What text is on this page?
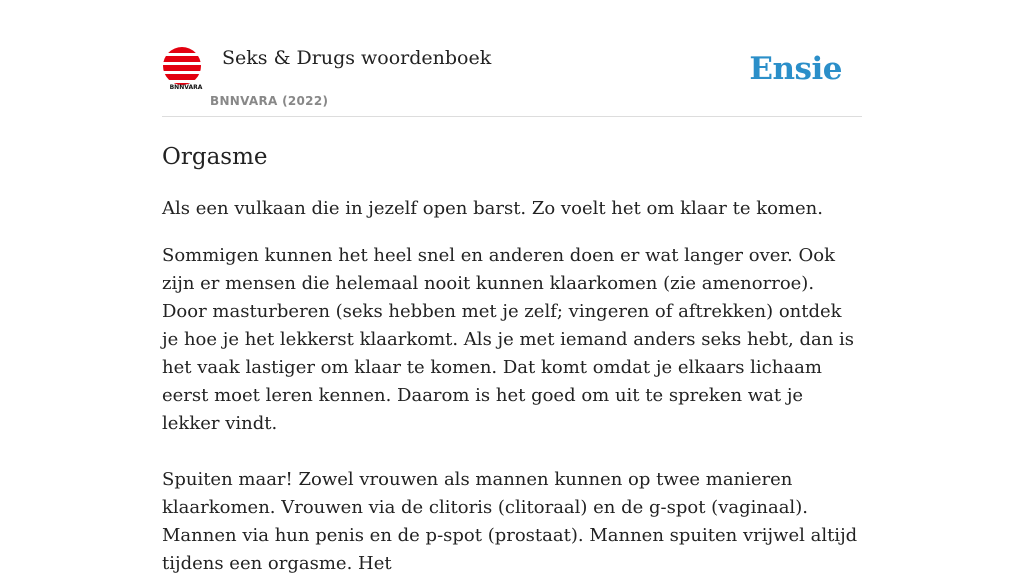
BNNVARA
Seks & Drugs woordenboek
BNNVARA (2022)
Ensie
Orgasme

Als een vulkaan die in jezelf open barst. Zo voelt het om klaar te komen.

Sommigen kunnen het heel snel en anderen doen er wat langer over. Ook zijn er mensen die helemaal nooit kunnen klaarkomen (zie amenorroe). Door masturberen (seks hebben met je zelf; vingeren of aftrekken) ontdek je hoe je het lekkerst klaarkomt. Als je met iemand anders seks hebt, dan is het vaak lastiger om klaar te komen. Dat komt omdat je elkaars lichaam eerst moet leren kennen. Daarom is het goed om uit te spreken wat je lekker vindt.

Spuiten maar! Zowel vrouwen als mannen kunnen op twee manieren klaarkomen. Vrouwen via de clitoris (clitoraal) en de g-spot (vaginaal). Mannen via hun penis en de p-spot (prostaat). Mannen spuiten vrijwel altijd tijdens een orgasme. Het
